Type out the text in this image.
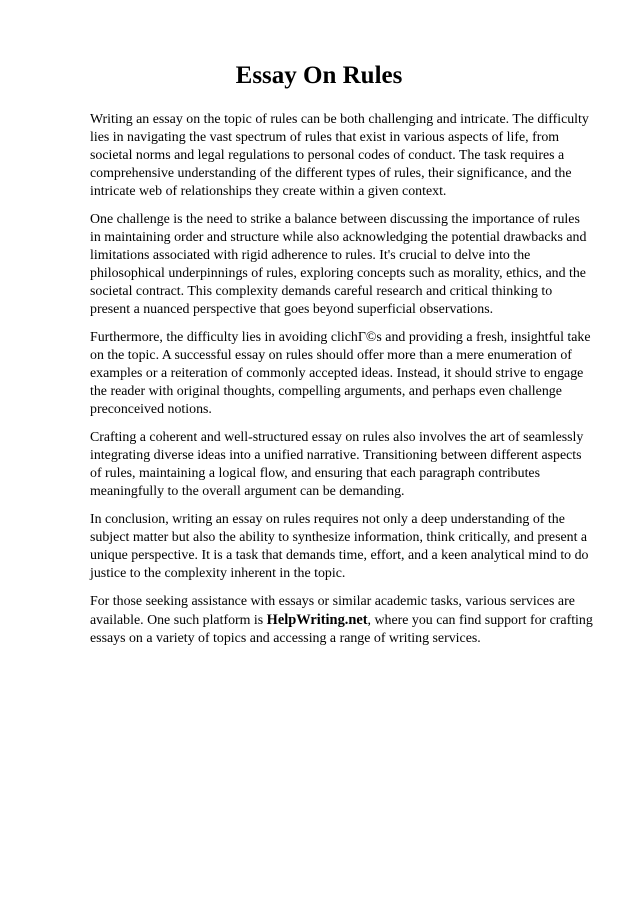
Essay On Rules

Writing an essay on the topic of rules can be both challenging and intricate. The difficulty lies in navigating the vast spectrum of rules that exist in various aspects of life, from societal norms and legal regulations to personal codes of conduct. The task requires a comprehensive understanding of the different types of rules, their significance, and the intricate web of relationships they create within a given context.

One challenge is the need to strike a balance between discussing the importance of rules in maintaining order and structure while also acknowledging the potential drawbacks and limitations associated with rigid adherence to rules. It's crucial to delve into the philosophical underpinnings of rules, exploring concepts such as morality, ethics, and the societal contract. This complexity demands careful research and critical thinking to present a nuanced perspective that goes beyond superficial observations.

Furthermore, the difficulty lies in avoiding clichГ©s and providing a fresh, insightful take on the topic. A successful essay on rules should offer more than a mere enumeration of examples or a reiteration of commonly accepted ideas. Instead, it should strive to engage the reader with original thoughts, compelling arguments, and perhaps even challenge preconceived notions.

Crafting a coherent and well-structured essay on rules also involves the art of seamlessly integrating diverse ideas into a unified narrative. Transitioning between different aspects of rules, maintaining a logical flow, and ensuring that each paragraph contributes meaningfully to the overall argument can be demanding.

In conclusion, writing an essay on rules requires not only a deep understanding of the subject matter but also the ability to synthesize information, think critically, and present a unique perspective. It is a task that demands time, effort, and a keen analytical mind to do justice to the complexity inherent in the topic.

For those seeking assistance with essays or similar academic tasks, various services are available. One such platform is HelpWriting.net, where you can find support for crafting essays on a variety of topics and accessing a range of writing services.
